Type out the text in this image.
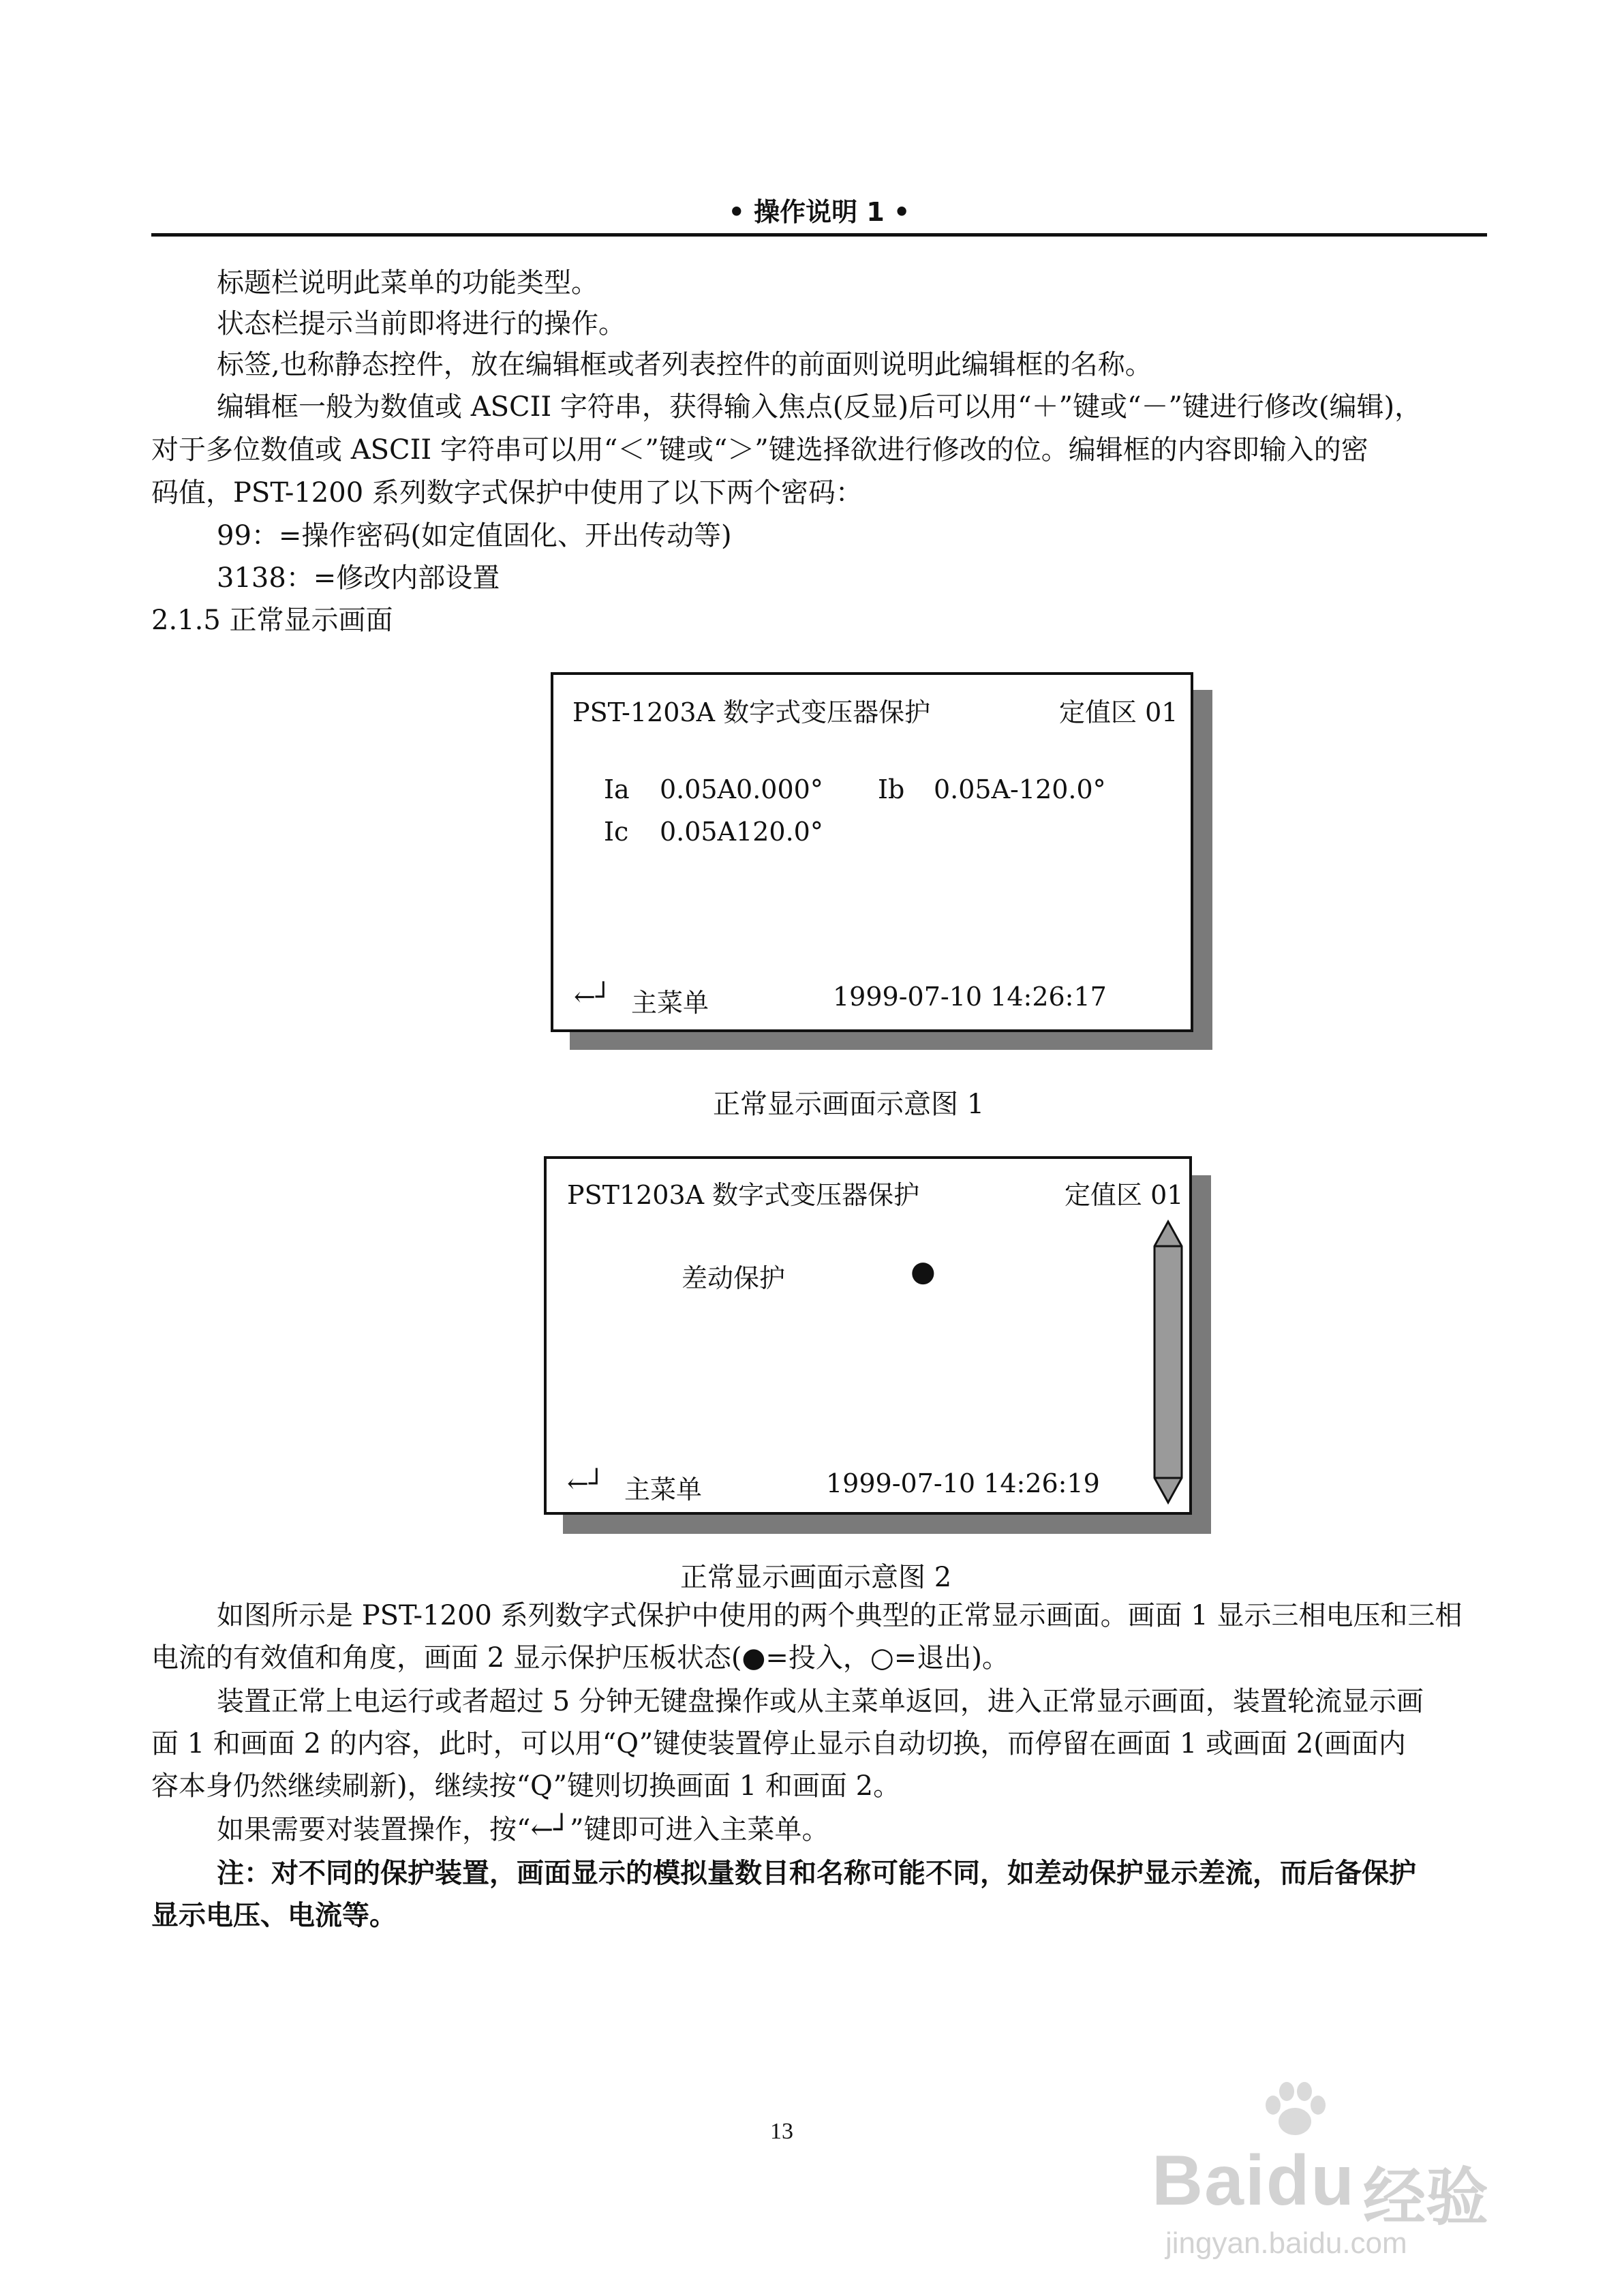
• 操作说明 1 •
标题栏说明此菜单的功能类型。
状态栏提示当前即将进行的操作。
标签,也称静态控件，放在编辑框或者列表控件的前面则说明此编辑框的名称。
编辑框一般为数值或 ASCII 字符串，获得输入焦点(反显)后可以用“＋”键或“－”键进行修改(编辑)，
对于多位数值或 ASCII 字符串可以用“＜”键或“＞”键选择欲进行修改的位。编辑框的内容即输入的密
码值，PST-1200 系列数字式保护中使用了以下两个密码：
99：=操作密码(如定值固化、开出传动等)
3138：=修改内部设置
2.1.5 正常显示画面
PST-1203A 数字式变压器保护	定值区 01
Ia 0.05A0.000° Ib 0.05A-120.0°
Ic 0.05A120.0°
←┘ 主菜单	1999-07-10 14:26:17
正常显示画面示意图 1
PST1203A 数字式变压器保护	定值区 01
差动保护	●
←┘ 主菜单	1999-07-10 14:26:19
正常显示画面示意图 2
如图所示是 PST-1200 系列数字式保护中使用的两个典型的正常显示画面。画面 1 显示三相电压和三相
电流的有效值和角度，画面 2 显示保护压板状态(●=投入，○=退出)。
装置正常上电运行或者超过 5 分钟无键盘操作或从主菜单返回，进入正常显示画面，装置轮流显示画
面 1 和画面 2 的内容，此时，可以用“Q”键使装置停止显示自动切换，而停留在画面 1 或画面 2(画面内
容本身仍然继续刷新)，继续按“Q”键则切换画面 1 和画面 2。
如果需要对装置操作，按“←┘”键即可进入主菜单。
注：对不同的保护装置，画面显示的模拟量数目和名称可能不同，如差动保护显示差流，而后备保护
显示电压、电流等。
13
Baidu 经验
jingyan.baidu.com
